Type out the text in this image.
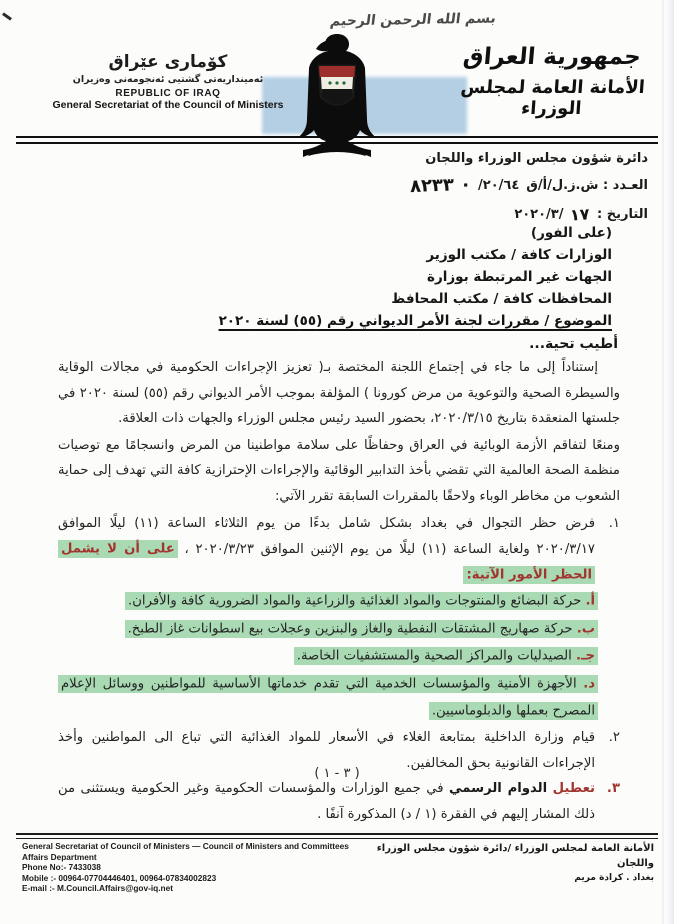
بسم الله الرحمن الرحيم
كۆماری عێراق
ئەمینداریەتی گشتیی ئەنجومەنی وەزیران
REPUBLIC OF IRAQ
General Secretariat of the Council of Ministers
جمهورية العراق
الأمانة العامة لمجلس الوزراء
دائرة شؤون مجلس الوزراء واللجان
العـدد : ش.ز.ل/أ/ق
/٢٠/٦٤
٠ ٨٢٣٣
التاريخ :
١٧
٢٠٢٠/٣/
(على الفور)
الوزارات كافة / مكتب الوزير
الجهات غير المرتبطة بوزارة
المحافظات كافة / مكتب المحافظ
الموضوع / مقررات لجنة الأمر الديواني رقم (٥٥) لسنة ٢٠٢٠
أطيب تحية...

إستناداً إلى ما جاء في إجتماع اللجنة المختصة بـ( تعزيز الإجراءات الحكومية في مجالات الوقاية والسيطرة الصحية والتوعوية من مرض كورونا ) المؤلفة بموجب الأمر الديواني رقم (٥٥) لسنة ٢٠٢٠ في جلستها المنعقدة بتاريخ ٢٠٢٠/٣/١٥، بحضور السيد رئيس مجلس الوزراء والجهات ذات العلاقة.

ومنعًا لتفاقم الأزمة الوبائية في العراق وحفاظًا على سلامة مواطنينا من المرض وانسجامًا مع توصيات منظمة الصحة العالمية التي تقضي بأخذ التدابير الوقائية والإجراءات الإحترازية كافة التي تهدف إلى حماية الشعوب من مخاطر الوباء ولاحقًا بالمقررات السابقة تقرر الآتي:

١.
فرض حظر التجوال في بغداد بشكل شامل بدءًا من يوم الثلاثاء الساعة (١١) ليلًا الموافق ٢٠٢٠/٣/١٧ ولغاية الساعة (١١) ليلًا من يوم الإثنين الموافق ٢٠٢٠/٣/٢٣ ، على أن لا يشمل الحظر الأمور الآتية:
أ. حركة البضائع والمنتوجات والمواد الغذائية والزراعية والمواد الضرورية كافة والأفران.
ب. حركة صهاريج المشتقات النفطية والغاز والبنزين وعجلات بيع اسطوانات غاز الطبخ.
جـ. الصيدليات والمراكز الصحية والمستشفيات الخاصة.
د. الأجهزة الأمنية والمؤسسات الخدمية التي تقدم خدماتها الأساسية للمواطنين ووسائل الإعلام المصرح بعملها والدبلوماسيين.
٢.
قيام وزارة الداخلية بمتابعة الغلاء في الأسعار للمواد الغذائية التي تباع الى المواطنين وأخذ الإجراءات القانونية بحق المخالفين.
٣.
تعطيل الدوام الرسمي في جميع الوزارات والمؤسسات الحكومية وغير الحكومية ويستثنى من ذلك المشار إليهم في الفقرة (١ / د) المذكورة آنفًا .
( ٣ - ١ )
General Secretariat of Council of Ministers — Council of Ministers and Committees Affairs Department
Phone No:- 7433038
Mobile :- 00964-07704446401, 00964-07834002823
E-mail :- M.Council.Affairs@gov-iq.net
الأمانة العامة لمجلس الوزراء /دائرة شؤون مجلس الوزراء واللجان
بغداد . كرادة مريم
